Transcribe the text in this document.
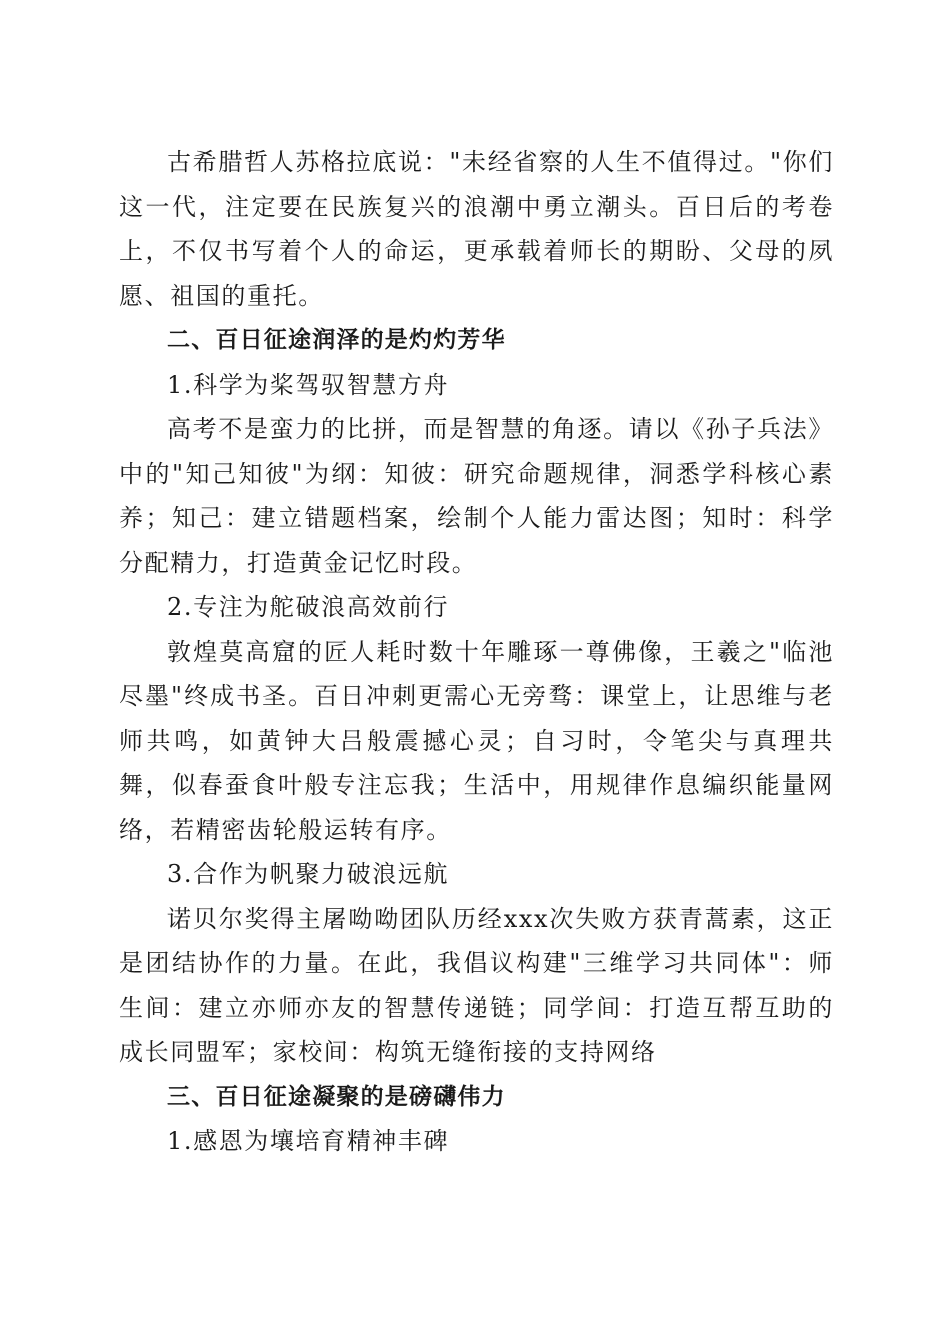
古希腊哲人苏格拉底说："未经省察的人生不值得过。"你们这一代，注定要在民族复兴的浪潮中勇立潮头。百日后的考卷上，不仅书写着个人的命运，更承载着师长的期盼、父母的夙愿、祖国的重托。

二、百日征途润泽的是灼灼芳华

1.科学为桨驾驭智慧方舟

高考不是蛮力的比拼，而是智慧的角逐。请以《孙子兵法》中的"知己知彼"为纲：知彼：研究命题规律，洞悉学科核心素养；知己：建立错题档案，绘制个人能力雷达图；知时：科学分配精力，打造黄金记忆时段。

2.专注为舵破浪高效前行

敦煌莫高窟的匠人耗时数十年雕琢一尊佛像，王羲之"临池尽墨"终成书圣。百日冲刺更需心无旁骛：课堂上，让思维与老师共鸣，如黄钟大吕般震撼心灵；自习时，令笔尖与真理共舞，似春蚕食叶般专注忘我；生活中，用规律作息编织能量网络，若精密齿轮般运转有序。

3.合作为帆聚力破浪远航

诺贝尔奖得主屠呦呦团队历经xxx次失败方获青蒿素，这正是团结协作的力量。在此，我倡议构建"三维学习共同体"：师生间：建立亦师亦友的智慧传递链；同学间：打造互帮互助的成长同盟军；家校间：构筑无缝衔接的支持网络

三、百日征途凝聚的是磅礴伟力

1.感恩为壤培育精神丰碑
